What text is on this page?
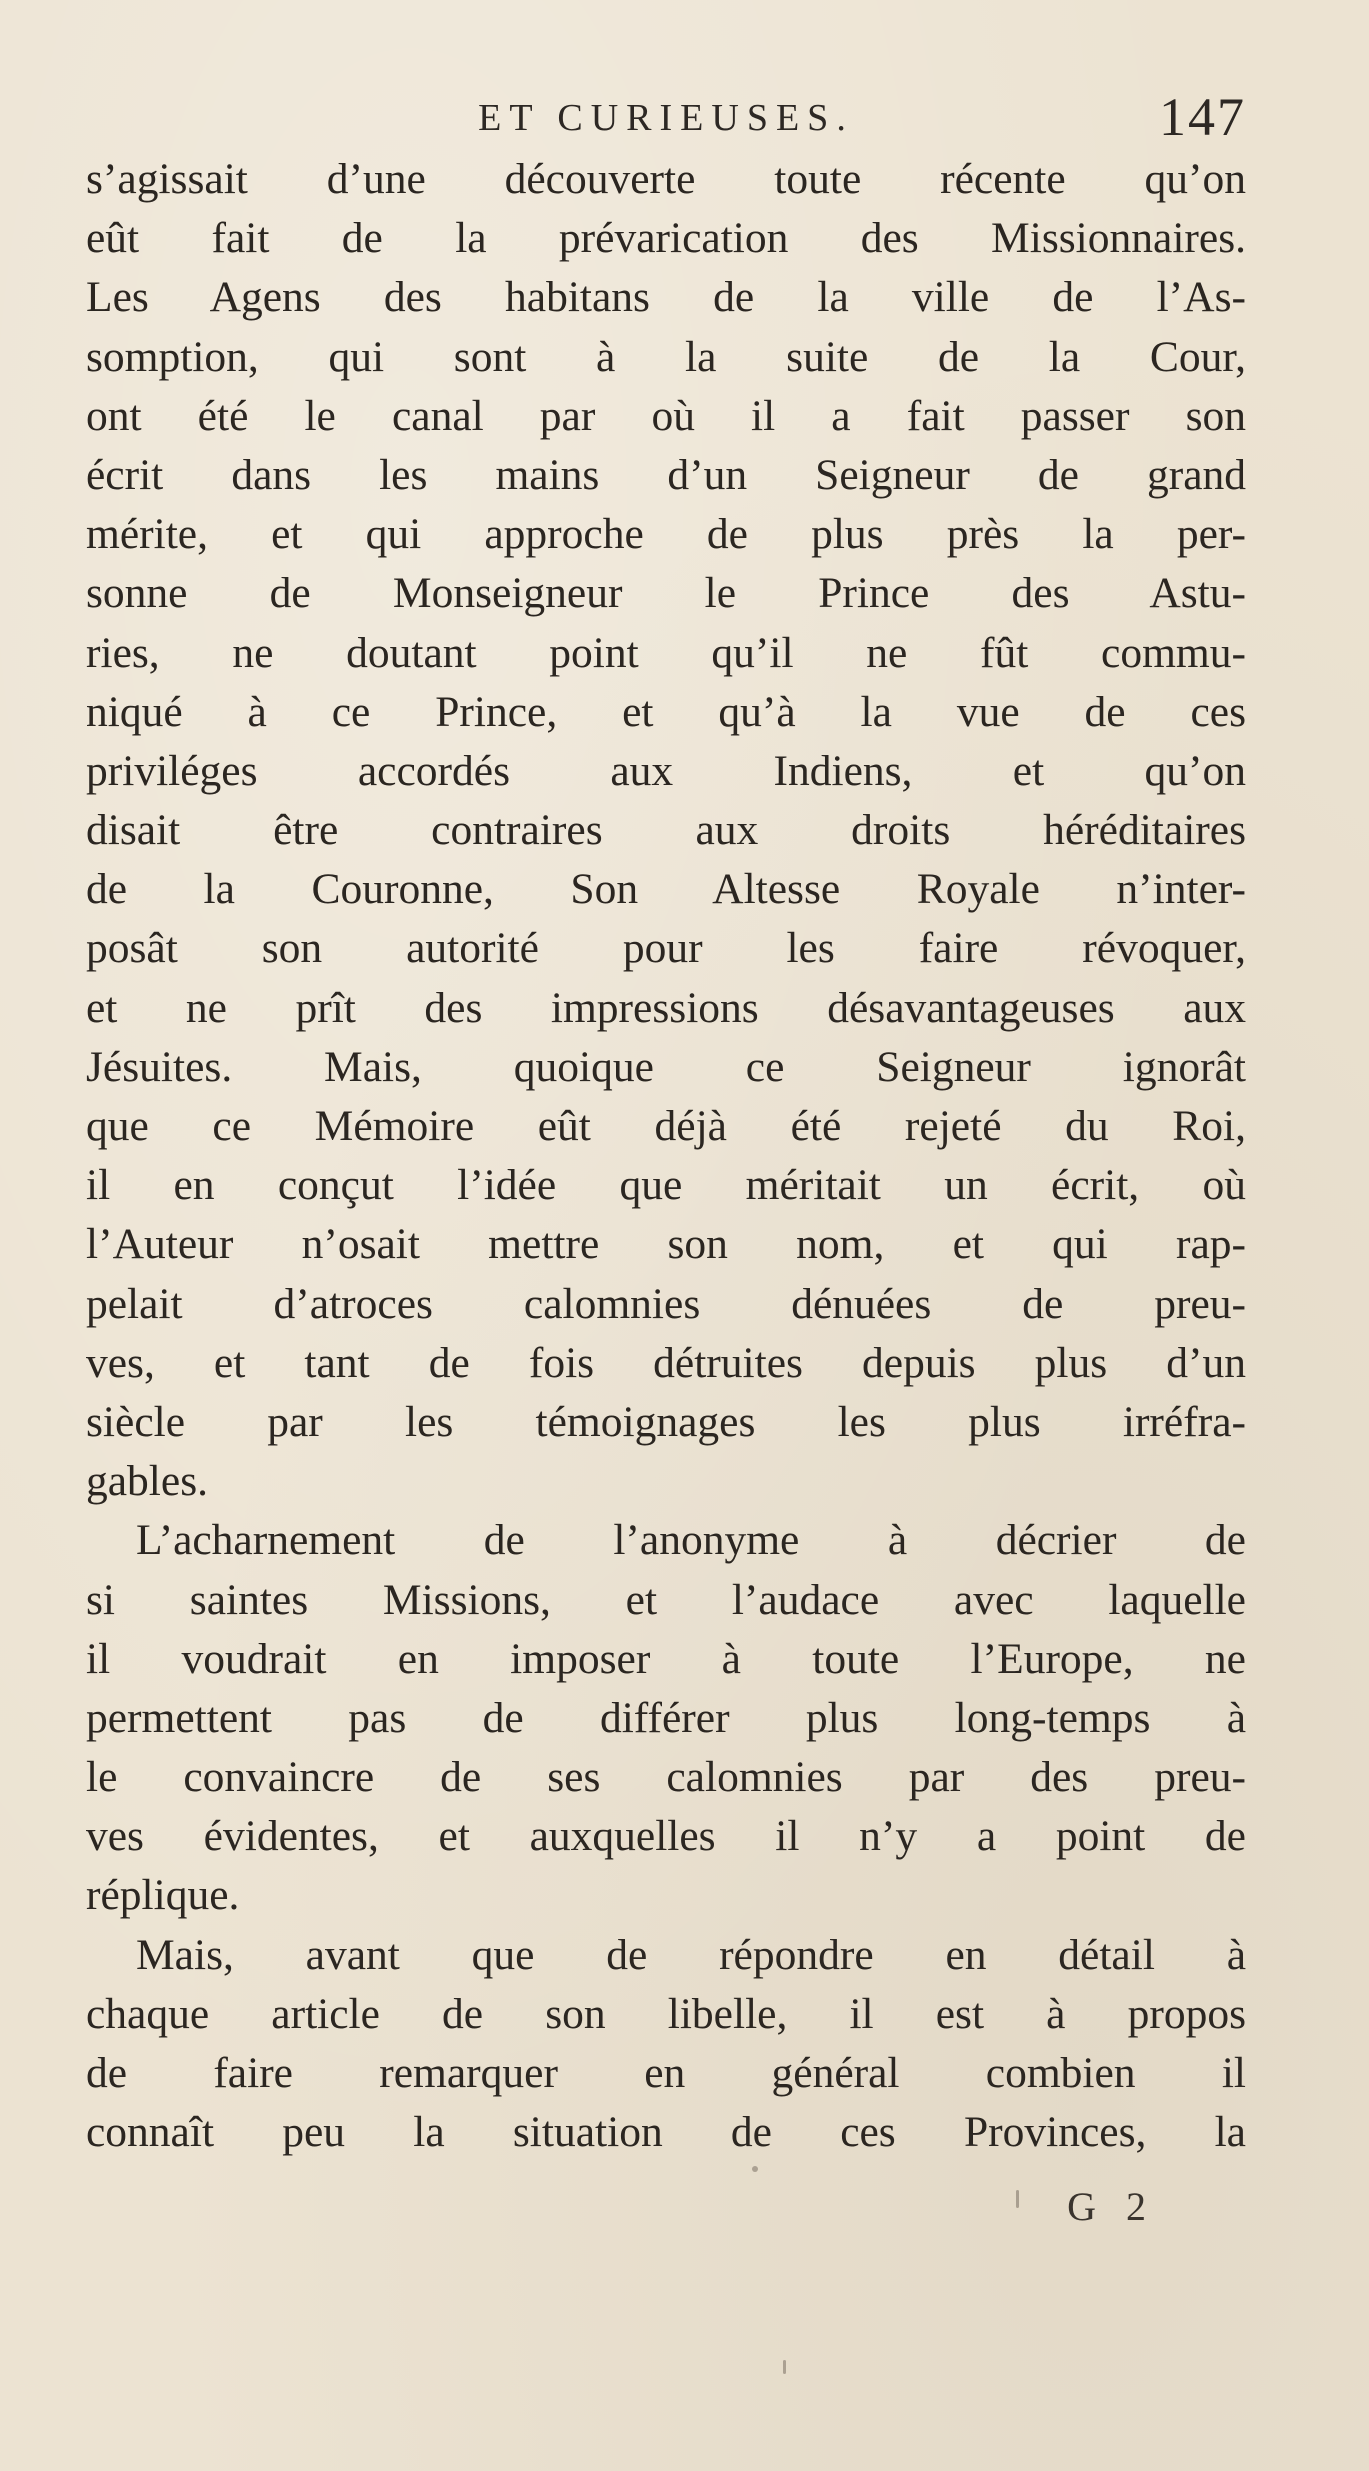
ET CURIEUSES.	147
s’agissait d’une découverte toute récente qu’on
eût fait de la prévarication des Missionnaires.
Les Agens des habitans de la ville de l’As-
somption, qui sont à la suite de la Cour,
ont été le canal par où il a fait passer son
écrit dans les mains d’un Seigneur de grand
mérite, et qui approche de plus près la per-
sonne de Monseigneur le Prince des Astu-
ries, ne doutant point qu’il ne fût commu-
niqué à ce Prince, et qu’à la vue de ces
priviléges accordés aux Indiens, et qu’on
disait être contraires aux droits héréditaires
de la Couronne, Son Altesse Royale n’inter-
posât son autorité pour les faire révoquer,
et ne prît des impressions désavantageuses aux
Jésuites. Mais, quoique ce Seigneur ignorât
que ce Mémoire eût déjà été rejeté du Roi,
il en conçut l’idée que méritait un écrit, où
l’Auteur n’osait mettre son nom, et qui rap-
pelait d’atroces calomnies dénuées de preu-
ves, et tant de fois détruites depuis plus d’un
siècle par les témoignages les plus irréfra-
gables.
L’acharnement de l’anonyme à décrier de
si saintes Missions, et l’audace avec laquelle
il voudrait en imposer à toute l’Europe, ne
permettent pas de différer plus long-temps à
le convaincre de ses calomnies par des preu-
ves évidentes, et auxquelles il n’y a point de
réplique.
Mais, avant que de répondre en détail à
chaque article de son libelle, il est à propos
de faire remarquer en général combien il
connaît peu la situation de ces Provinces, la
G 2
